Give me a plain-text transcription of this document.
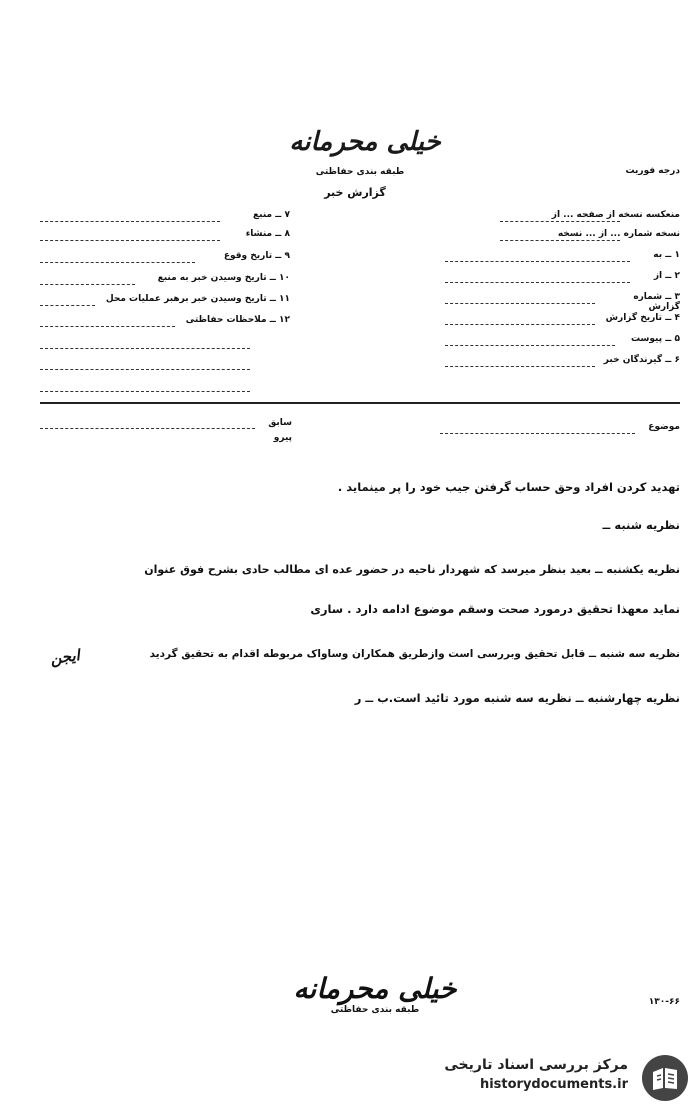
خیلی محرمانه
طبقه بندی حفاظتی
گزارش خبر
درجه فوریت
منعکسه نسخه از صفحه ... از
نسخه شماره ... از ... نسخه
۱ ــ به
۲ ــ از
۳ ــ شماره گزارش
۴ ــ تاریخ گزارش
۵ ــ پیوست
۶ ــ گیرندگان خبر
۷ ــ منبع
۸ ــ منشاء
۹ ــ تاریخ وقوع
۱۰ ــ تاریخ وسیدن خبر به منبع
۱۱ ــ تاریخ وسیدن خبر برهبر عملیات محل
۱۲ ــ ملاحظات حفاظتی
موضوع
سابق
پیرو
تهدید کردن افراد وحق حساب گرفتن جیب خود را پر مینماید .
نظریه شنبه ــ
نظریه یکشنبه ــ بعید بنظر میرسد که شهردار ناحیه در حضور عده ای مطالب حادی بشرح فوق عنوان
نماید معهذا تحقیق درمورد صحت وسقم موضوع ادامه دارد . ساری
نظریه سه شنبه ــ قابل تحقیق وبررسی است وازطریق همکاران وساواک مربوطه اقدام به تحقیق گردید
ایجن
نظریه چهارشنبه ــ نظریه سه شنبه مورد تائید است.ب ــ ر
خیلی محرمانه
طبقه بندی حفاظتی
۱۳۰-۶۶
مرکز بررسی اسناد تاریخی
historydocuments.ir
